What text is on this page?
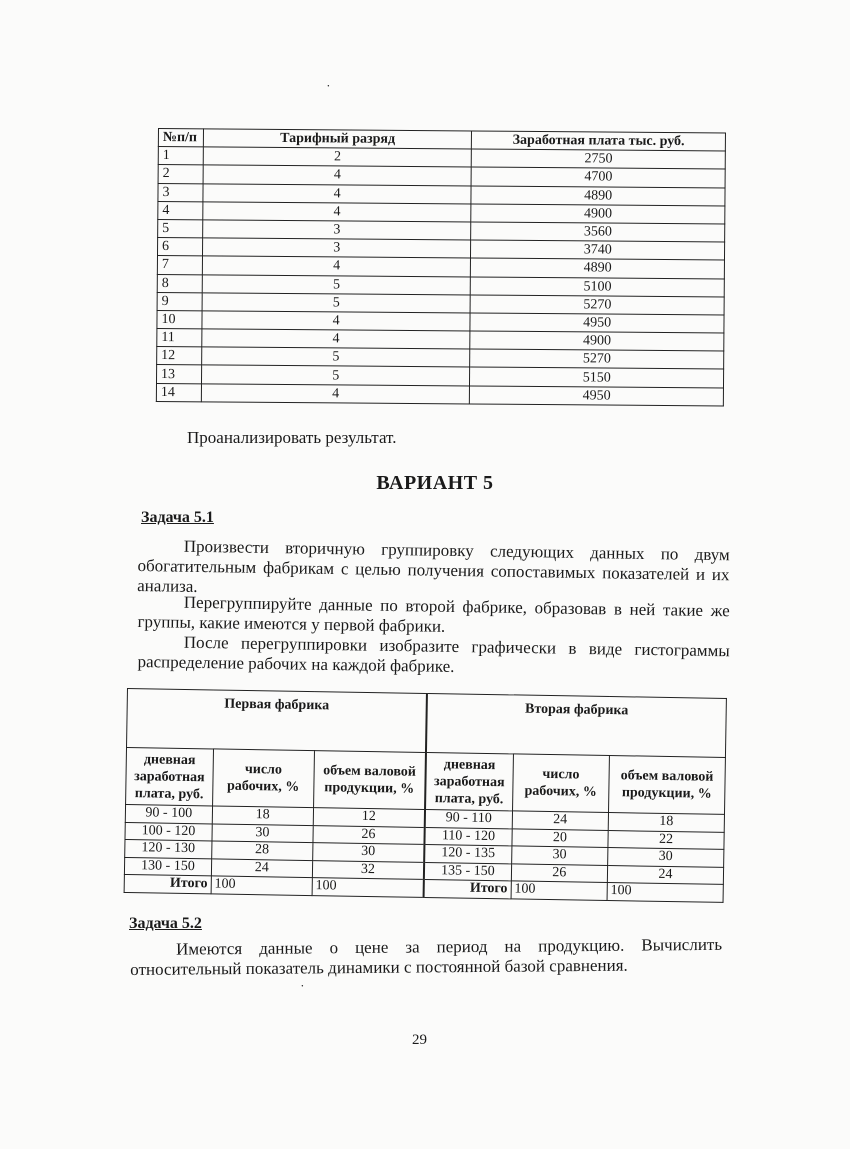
˙
№п/п	Тарифный разряд	Заработная плата тыс. руб.
1	2	2750
2	4	4700
3	4	4890
4	4	4900
5	3	3560
6	3	3740
7	4	4890
8	5	5100
9	5	5270
10	4	4950
11	4	4900
12	5	5270
13	5	5150
14	4	4950
Проанализировать результат.
ВАРИАНТ 5
Задача 5.1
Произвести вторичную группировку следующих данных по двум обогатительным фабрикам с целью получения сопоставимых показателей и их анализа.
Перегруппируйте данные по второй фабрике, образовав в ней такие же группы, какие имеются у первой фабрики.
После перегруппировки изобразите графически в виде гистограммы распределение рабочих на каждой фабрике.
Первая фабрика			Вторая фабрика		
дневная заработная плата, руб.	число рабочих, %	объем валовой продукции, %	дневная заработная плата, руб.	число рабочих, %	объем валовой продукции, %
90 - 100	18	12	90 - 110	24	18
100 - 120	30	26	110 - 120	20	22
120 - 130	28	30	120 - 135	30	30
130 - 150	24	32	135 - 150	26	24
Итого	100	100	Итого	100	100
Задача 5.2
Имеются данные о цене за период на продукцию. Вычислить относительный показатель динамики с постоянной базой сравнения.
˙
29
